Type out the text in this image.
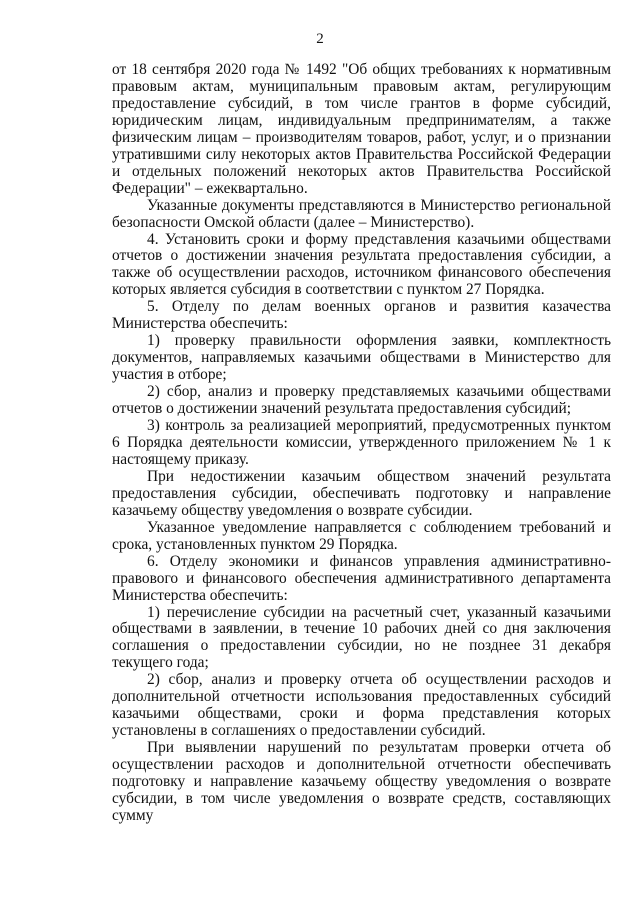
2

от 18 сентября 2020 года № 1492 "Об общих требованиях к нормативным правовым актам, муниципальным правовым актам, регулирующим предоставление субсидий, в том числе грантов в форме субсидий, юридическим лицам, индивидуальным предпринимателям, а также физическим лицам – производителям товаров, работ, услуг, и о признании утратившими силу некоторых актов Правительства Российской Федерации и отдельных положений некоторых актов Правительства Российской Федерации" – ежеквартально.

Указанные документы представляются в Министерство региональной безопасности Омской области (далее – Министерство).

4. Установить сроки и форму представления казачьими обществами отчетов о достижении значения результата предоставления субсидии, а также об осуществлении расходов, источником финансового обеспечения которых является субсидия в соответствии с пунктом 27 Порядка.

5. Отделу по делам военных органов и развития казачества Министерства обеспечить:

1) проверку правильности оформления заявки, комплектность документов, направляемых казачьими обществами в Министерство для участия в отборе;

2) сбор, анализ и проверку представляемых казачьими обществами отчетов о достижении значений результата предоставления субсидий;

3) контроль за реализацией мероприятий, предусмотренных пунктом 6 Порядка деятельности комиссии, утвержденного приложением № 1 к настоящему приказу.

При недостижении казачьим обществом значений результата предоставления субсидии, обеспечивать подготовку и направление казачьему обществу уведомления о возврате субсидии.

Указанное уведомление направляется с соблюдением требований и срока, установленных пунктом 29 Порядка.

6. Отделу экономики и финансов управления административно-правового и финансового обеспечения административного департамента Министерства обеспечить:

1) перечисление субсидии на расчетный счет, указанный казачьими обществами в заявлении, в течение 10 рабочих дней со дня заключения соглашения о предоставлении субсидии, но не позднее 31 декабря текущего года;

2) сбор, анализ и проверку отчета об осуществлении расходов и дополнительной отчетности использования предоставленных субсидий казачьими обществами, сроки и форма представления которых установлены в соглашениях о предоставлении субсидий.

При выявлении нарушений по результатам проверки отчета об осуществлении расходов и дополнительной отчетности обеспечивать подготовку и направление казачьему обществу уведомления о возврате субсидии, в том числе уведомления о возврате средств, составляющих сумму
